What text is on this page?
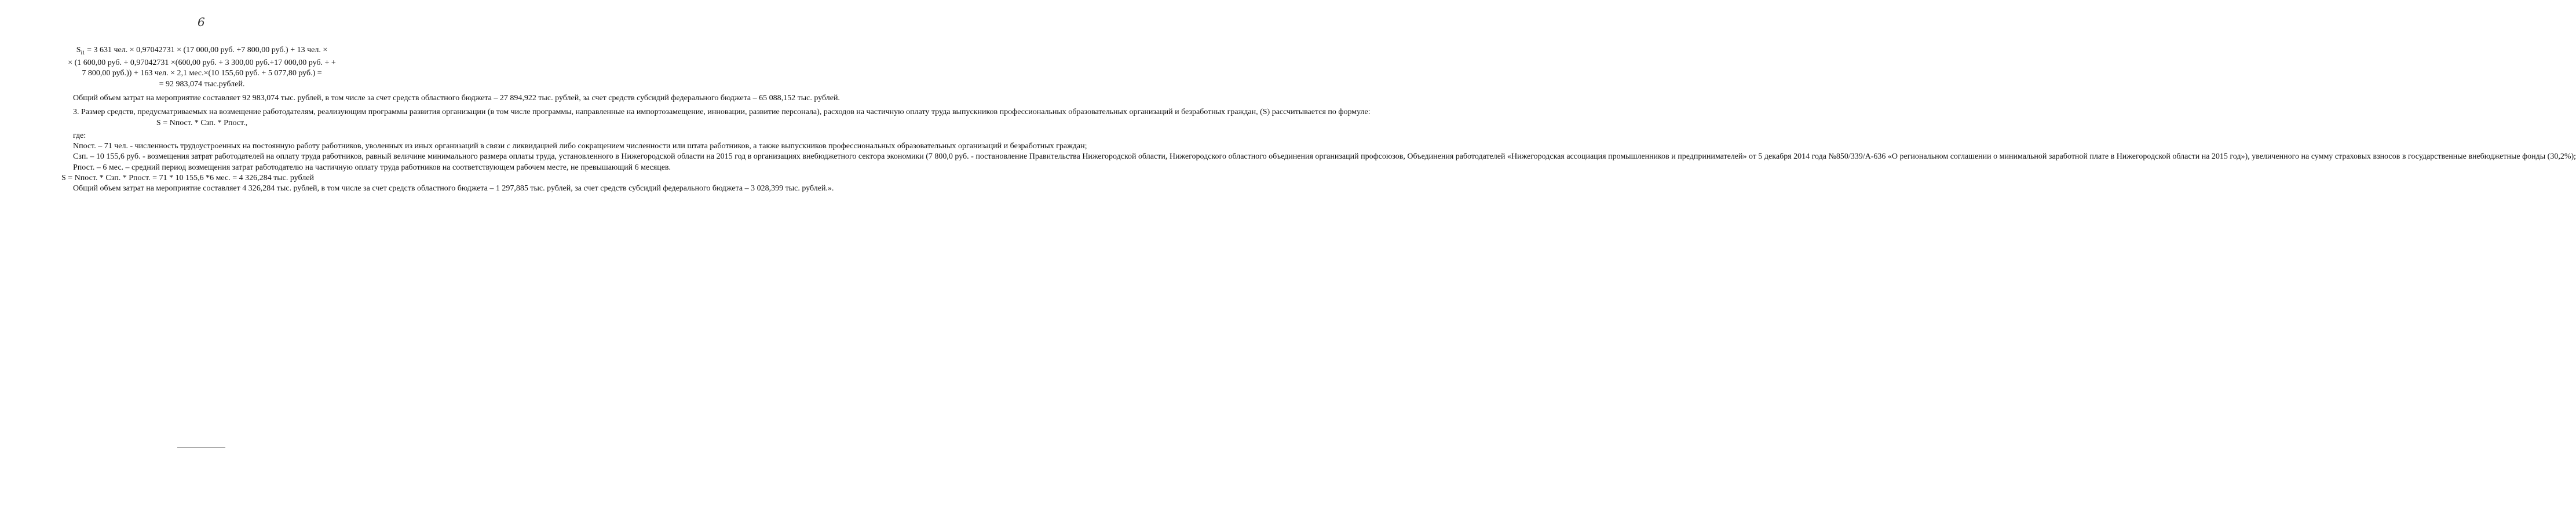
6
$S_{i1} = 3$ 631 чел. × 0,97042731 × (17 000,00 руб. +7 800,00 руб.) + 13 чел. ×
× (1 600,00 руб. + 0,97042731 ×(600,00 руб. + 3 300,00 руб.+17 000,00 руб. + +
7 800,00 руб.)) + 163 чел. × 2,1 мес.×(10 155,60 руб. + 5 077,80 руб.) =
= 92 983,074 тыс.рублей.

Общий объем затрат на мероприятие составляет 92 983,074 тыс. рублей, в том числе за счет средств областного бюджета – 27 894,922 тыс. рублей, за счет средств субсидий федерального бюджета – 65 088,152 тыс. рублей.

3. Размер средств, предусматриваемых на возмещение работодателям, реализующим программы развития организации (в том числе программы, направленные на импортозамещение, инновации, развитие персонала), расходов на частичную оплату труда выпускников профессиональных образовательных организаций и безработных граждан, (S) рассчитывается по формуле:

S = Nпост. * Сзп. * Рпост.,

где:

Nпост. – 71 чел. - численность трудоустроенных на постоянную работу работников, уволенных из иных организаций в связи с ликвидацией либо сокращением численности или штата работников, а также выпускников профессиональных образовательных организаций и безработных граждан;

Сзп. – 10 155,6 руб. - возмещения затрат работодателей на оплату труда работников, равный величине минимального размера оплаты труда, установленного в Нижегородской области на 2015 год в организациях внебюджетного сектора экономики (7 800,0 руб. - постановление Правительства Нижегородской области, Нижегородского областного объединения организаций профсоюзов, Объединения работодателей «Нижегородская ассоциация промышленников и предпринимателей» от 5 декабря 2014 года №850/339/А-636 «О региональном соглашении о минимальной заработной плате в Нижегородской области на 2015 год»), увеличенного на сумму страховых взносов в государственные внебюджетные фонды (30,2%);

Рпост. – 6 мес. – средний период возмещения затрат работодателю на частичную оплату труда работников на соответствующем рабочем месте, не превышающий 6 месяцев.

S = Nпост. * Сзп. * Рпост. = 71 * 10 155,6 *6 мес. = 4 326,284 тыс. рублей

Общий объем затрат на мероприятие составляет 4 326,284 тыс. рублей, в том числе за счет средств областного бюджета – 1 297,885 тыс. рублей, за счет средств субсидий федерального бюджета – 3 028,399 тыс. рублей.».
